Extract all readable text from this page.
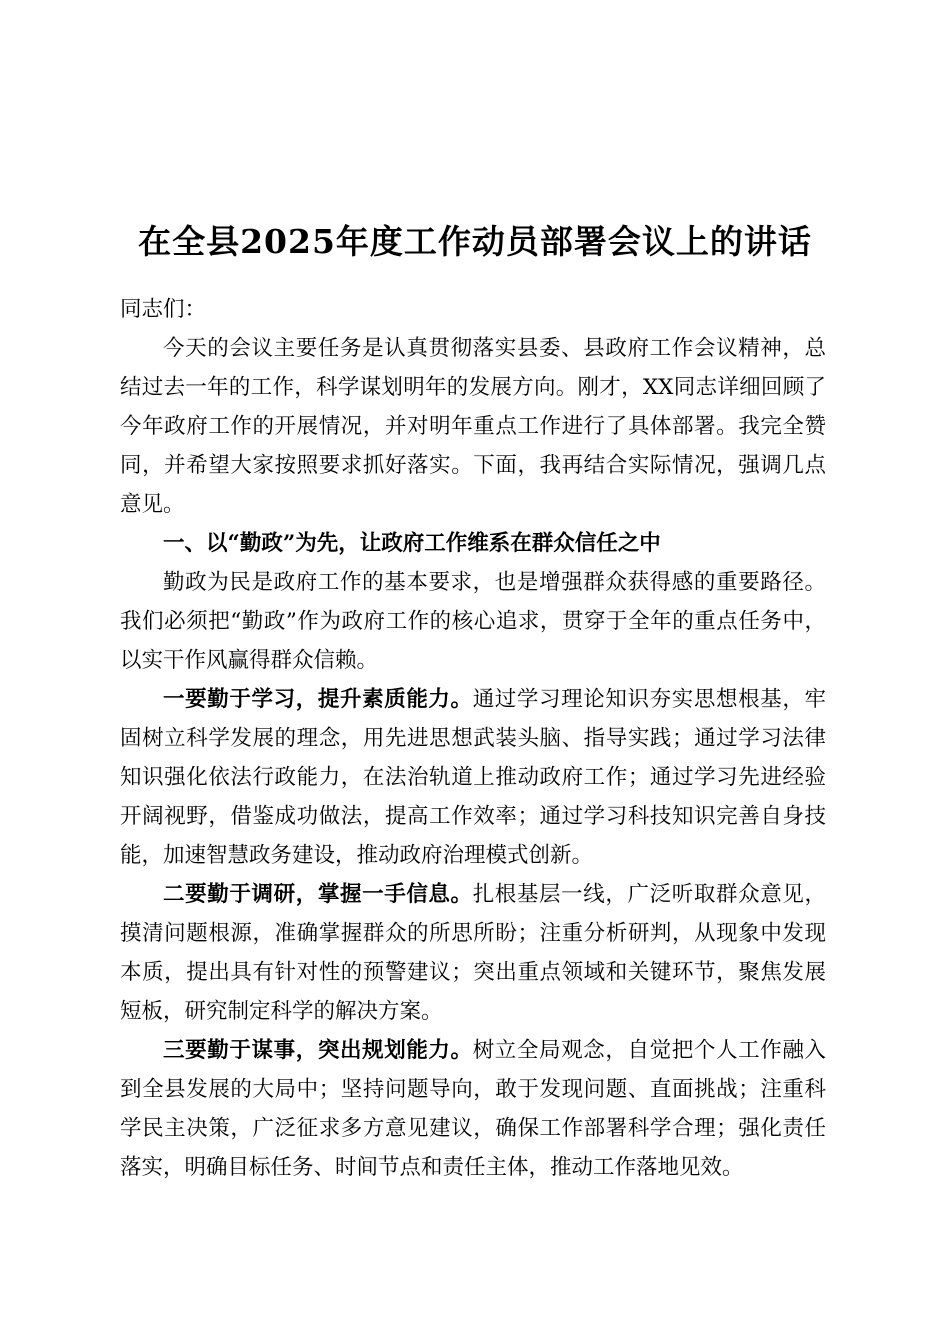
在全县2025年度工作动员部署会议上的讲话

同志们：

今天的会议主要任务是认真贯彻落实县委、县政府工作会议精神，总结过去一年的工作，科学谋划明年的发展方向。刚才，XX同志详细回顾了今年政府工作的开展情况，并对明年重点工作进行了具体部署。我完全赞同，并希望大家按照要求抓好落实。下面，我再结合实际情况，强调几点意见。

一、以“勤政”为先，让政府工作维系在群众信任之中

勤政为民是政府工作的基本要求，也是增强群众获得感的重要路径。我们必须把“勤政”作为政府工作的核心追求，贯穿于全年的重点任务中，以实干作风赢得群众信赖。

一要勤于学习，提升素质能力。通过学习理论知识夯实思想根基，牢固树立科学发展的理念，用先进思想武装头脑、指导实践；通过学习法律知识强化依法行政能力，在法治轨道上推动政府工作；通过学习先进经验开阔视野，借鉴成功做法，提高工作效率；通过学习科技知识完善自身技能，加速智慧政务建设，推动政府治理模式创新。

二要勤于调研，掌握一手信息。扎根基层一线，广泛听取群众意见，摸清问题根源，准确掌握群众的所思所盼；注重分析研判，从现象中发现本质，提出具有针对性的预警建议；突出重点领域和关键环节，聚焦发展短板，研究制定科学的解决方案。

三要勤于谋事，突出规划能力。树立全局观念，自觉把个人工作融入到全县发展的大局中；坚持问题导向，敢于发现问题、直面挑战；注重科学民主决策，广泛征求多方意见建议，确保工作部署科学合理；强化责任落实，明确目标任务、时间节点和责任主体，推动工作落地见效。
